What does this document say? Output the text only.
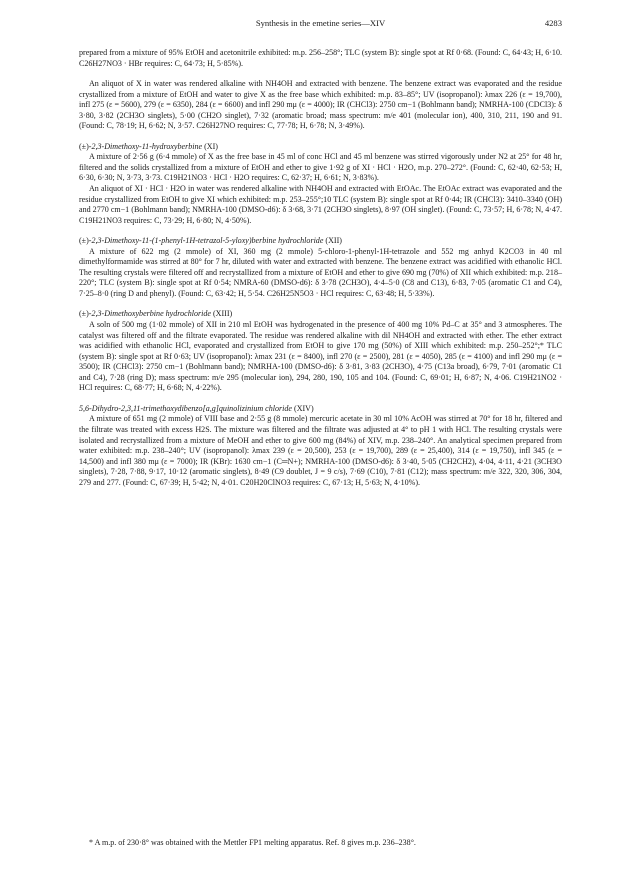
Synthesis in the emetine series—XIV	4283

prepared from a mixture of 95% EtOH and acetonitrile exhibited: m.p. 256–258°; TLC (system B): single spot at Rf 0·68. (Found: C, 64·43; H, 6·10. C26H27NO3 · HBr requires: C, 64·73; H, 5·85%).

An aliquot of X in water was rendered alkaline with NH4OH and extracted with benzene. The benzene extract was evaporated and the residue crystallized from a mixture of EtOH and water to give X as the free base which exhibited: m.p. 83–85°; UV (isopropanol): λmax 226 (ε = 19,700), infl 275 (ε = 5600), 279 (ε = 6350), 284 (ε = 6600) and infl 290 mμ (ε = 4000); IR (CHCl3): 2750 cm−1 (Bohlmann band); NMRHA-100 (CDCl3): δ 3·80, 3·82 (2CH3O singlets), 5·00 (CH2O singlet), 7·32 (aromatic broad; mass spectrum: m/e 401 (molecular ion), 400, 310, 211, 190 and 91. (Found: C, 78·19; H, 6·62; N, 3·57. C26H27NO requires: C, 77·78; H, 6·78; N, 3·49%).

(±)-2,3-Dimethoxy-11-hydroxyberbine (XI)

A mixture of 2·56 g (6·4 mmole) of X as the free base in 45 ml of conc HCl and 45 ml benzene was stirred vigorously under N2 at 25° for 48 hr, filtered and the solids crystallized from a mixture of EtOH and ether to give 1·92 g of XI · HCl · H2O, m.p. 270–272°. (Found: C, 62·40, 62·53; H, 6·30, 6·30; N, 3·73, 3·73. C19H21NO3 · HCl · H2O requires: C, 62·37; H, 6·61; N, 3·83%).

An aliquot of XI · HCl · H2O in water was rendered alkaline with NH4OH and extracted with EtOAc. The EtOAc extract was evaporated and the residue crystallized from EtOH to give XI which exhibited: m.p. 253–255°;10 TLC (system B): single spot at Rf 0·44; IR (CHCl3): 3410–3340 (OH) and 2770 cm−1 (Bohlmann band); NMRHA-100 (DMSO-d6): δ 3·68, 3·71 (2CH3O singlets), 8·97 (OH singlet). (Found: C, 73·57; H, 6·78; N, 4·47. C19H21NO3 requires: C, 73·29; H, 6·80; N, 4·50%).

(±)-2,3-Dimethoxy-11-(1-phenyl-1H-tetrazol-5-yloxy)berbine hydrochloride (XII)

A mixture of 622 mg (2 mmole) of XI, 360 mg (2 mmole) 5-chloro-1-phenyl-1H-tetrazole and 552 mg anhyd K2CO3 in 40 ml dimethylformamide was stirred at 80° for 7 hr, diluted with water and extracted with benzene. The benzene extract was acidified with ethanolic HCl. The resulting crystals were filtered off and recrystallized from a mixture of EtOH and ether to give 690 mg (70%) of XII which exhibited: m.p. 218–220°; TLC (system B): single spot at Rf 0·54; NMRA-60 (DMSO-d6): δ 3·78 (2CH3O), 4·4–5·0 (C8 and C13), 6·83, 7·05 (aromatic C1 and C4), 7·25–8·0 (ring D and phenyl). (Found: C, 63·42; H, 5·54. C26H25N5O3 · HCl requires: C, 63·48; H, 5·33%).

(±)-2,3-Dimethoxyberbine hydrochloride (XIII)

A soln of 500 mg (1·02 mmole) of XII in 210 ml EtOH was hydrogenated in the presence of 400 mg 10% Pd–C at 35° and 3 atmospheres. The catalyst was filtered off and the filtrate evaporated. The residue was rendered alkaline with dil NH4OH and extracted with ether. The ether extract was acidified with ethanolic HCl, evaporated and crystallized from EtOH to give 170 mg (50%) of XIII which exhibited: m.p. 250–252°;* TLC (system B): single spot at Rf 0·63; UV (isopropanol): λmax 231 (ε = 8400), infl 270 (ε = 2500), 281 (ε = 4050), 285 (ε = 4100) and infl 290 mμ (ε = 3500); IR (CHCl3): 2750 cm−1 (Bohlmann band); NMRHA-100 (DMSO-d6): δ 3·81, 3·83 (2CH3O), 4·75 (C13a broad), 6·79, 7·01 (aromatic C1 and C4), 7·28 (ring D); mass spectrum: m/e 295 (molecular ion), 294, 280, 190, 105 and 104. (Found: C, 69·01; H, 6·87; N, 4·06. C19H21NO2 · HCl requires: C, 68·77; H, 6·68; N, 4·22%).

5,6-Dihydro-2,3,11-trimethoxydibenzo[a,g]quinolizinium chloride (XIV)

A mixture of 651 mg (2 mmole) of VIII base and 2·55 g (8 mmole) mercuric acetate in 30 ml 10% AcOH was stirred at 70° for 18 hr, filtered and the filtrate was treated with excess H2S. The mixture was filtered and the filtrate was adjusted at 4° to pH 1 with HCl. The resulting crystals were isolated and recrystallized from a mixture of MeOH and ether to give 600 mg (84%) of XIV, m.p. 238–240°. An analytical specimen prepared from water exhibited: m.p. 238–240°; UV (isopropanol): λmax 239 (ε = 20,500), 253 (ε = 19,700), 289 (ε = 25,400), 314 (ε = 19,750), infl 345 (ε = 14,500) and infl 380 mμ (ε = 7000); IR (KBr): 1630 cm−1 (C═N+); NMRHA-100 (DMSO-d6): δ 3·40, 5·05 (CH2CH2), 4·04, 4·11, 4·21 (3CH3O singlets), 7·28, 7·88, 9·17, 10·12 (aromatic singlets), 8·49 (C9 doublet, J = 9 c/s), 7·69 (C10), 7·81 (C12); mass spectrum: m/e 322, 320, 306, 304, 279 and 277. (Found: C, 67·39; H, 5·42; N, 4·01. C20H20ClNO3 requires: C, 67·13; H, 5·63; N, 4·10%).

* A m.p. of 230·8° was obtained with the Mettler FP1 melting apparatus. Ref. 8 gives m.p. 236–238°.
